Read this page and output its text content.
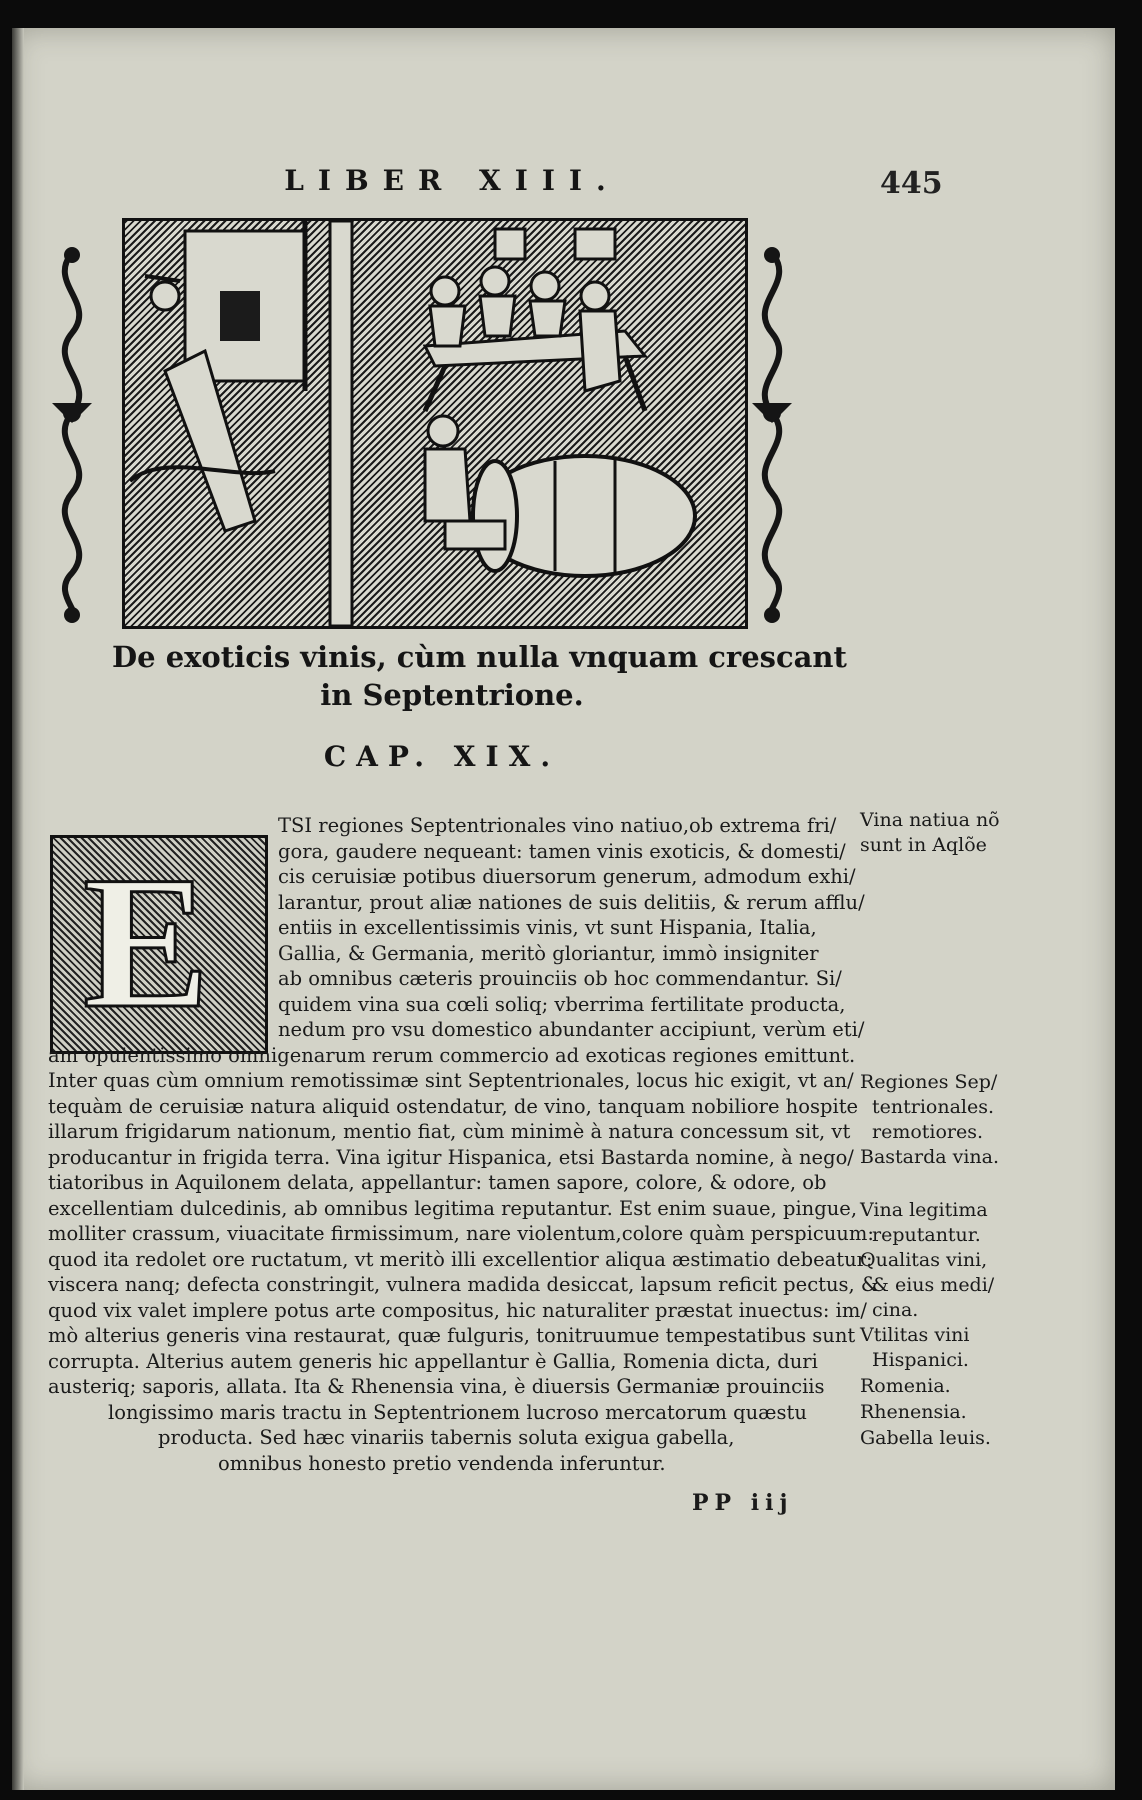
LIBER XIII.	445
De exoticis vinis, cùm nulla vnquam crescant
in Septentrione.
CAP. XIX.
E
TSI regiones Septentrionales vino natiuo,ob extrema fri/
gora, gaudere nequeant: tamen vinis exoticis, & domesti/
cis ceruisiæ potibus diuersorum generum, admodum exhi/
larantur, prout aliæ nationes de suis delitiis, & rerum afflu/
entiis in excellentissimis vinis, vt sunt Hispania, Italia,
Gallia, & Germania, meritò gloriantur, immò insigniter
ab omnibus cæteris prouinciis ob hoc commendantur. Si/
quidem vina sua cœli soliq; vberrima fertilitate producta,
nedum pro vsu domestico abundanter accipiunt, verùm eti/
am opulentissimo omnigenarum rerum commercio ad exoticas regiones emittunt.
Inter quas cùm omnium remotissimæ sint Septentrionales, locus hic exigit, vt an/
tequàm de ceruisiæ natura aliquid ostendatur, de vino, tanquam nobiliore hospite
illarum frigidarum nationum, mentio fiat, cùm minimè à natura concessum sit, vt
producantur in frigida terra. Vina igitur Hispanica, etsi Bastarda nomine, à nego/
tiatoribus in Aquilonem delata, appellantur: tamen sapore, colore, & odore, ob
excellentiam dulcedinis, ab omnibus legitima reputantur. Est enim suaue, pingue,
molliter crassum, viuacitate firmissimum, nare violentum,colore quàm perspicuum:
quod ita redolet ore ructatum, vt meritò illi excellentior aliqua æstimatio debeatur:
viscera nanq; defecta constringit, vulnera madida desiccat, lapsum reficit pectus, &
quod vix valet implere potus arte compositus, hic naturaliter præstat inuectus: im/
mò alterius generis vina restaurat, quæ fulguris, tonitruumue tempestatibus sunt
corrupta. Alterius autem generis hic appellantur è Gallia, Romenia dicta, duri
austeriq; saporis, allata. Ita & Rhenensia vina, è diuersis Germaniæ prouinciis
longissimo maris tractu in Septentrionem lucroso mercatorum quæstu
producta. Sed hæc vinariis tabernis soluta exigua gabella,
omnibus honesto pretio vendenda inferuntur.
PP iij
Vina natiua nõ
sunt in Aqlõe
Regiones Sep/
tentrionales.
remotiores.
Bastarda vina.
Vina legitima
reputantur.
Qualitas vini,
& eius medi/
cina.
Vtilitas vini
Hispanici.
Romenia.
Rhenensia.
Gabella leuis.
